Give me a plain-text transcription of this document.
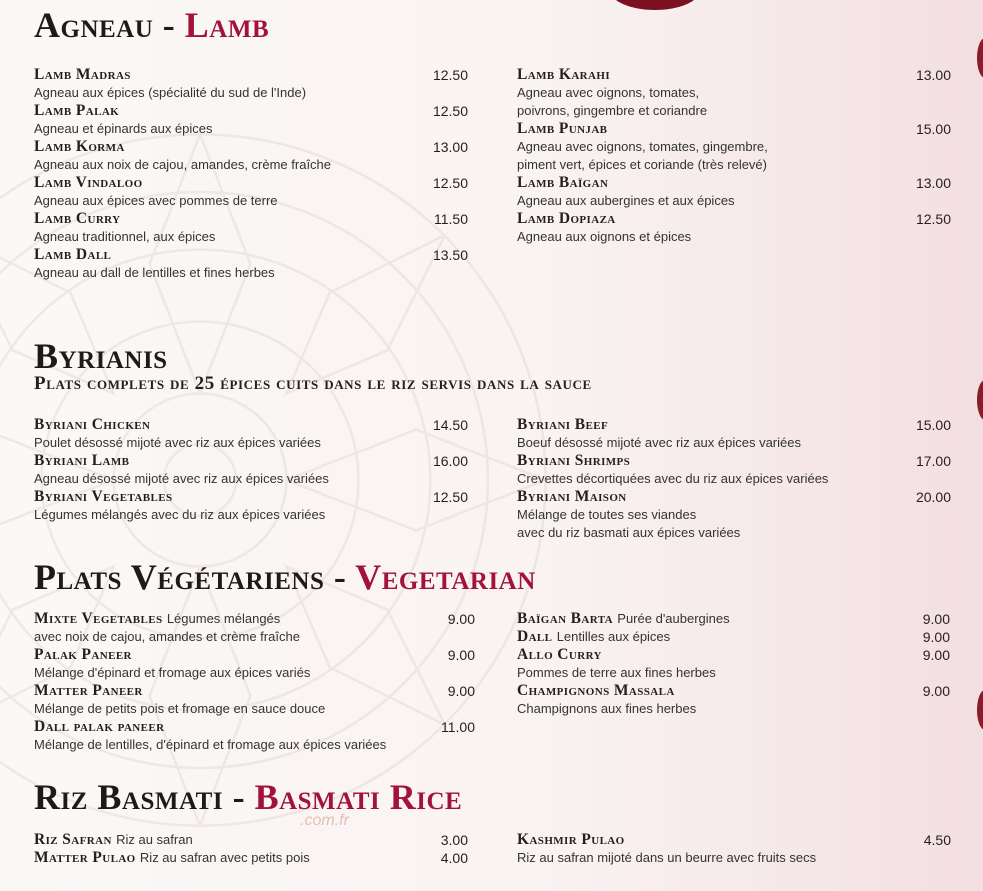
Agneau - Lamb
Lamb Madras	12.50
Agneau aux épices (spécialité du sud de l'Inde)
Lamb Palak	12.50
Agneau et épinards aux épices
Lamb Korma	13.00
Agneau aux noix de cajou, amandes, crème fraîche
Lamb Vindaloo	12.50
Agneau aux épices avec pommes de terre
Lamb Curry	11.50
Agneau traditionnel, aux épices
Lamb Dall	13.50
Agneau au dall de lentilles et fines herbes
Lamb Karahi	13.00
Agneau avec oignons, tomates,
poivrons, gingembre et coriandre
Lamb Punjab	15.00
Agneau avec oignons, tomates, gingembre,
piment vert, épices et coriande (très relevé)
Lamb Baïgan	13.00
Agneau aux aubergines et aux épices
Lamb Dopiaza	12.50
Agneau aux oignons et épices
Byrianis
Plats complets de 25 épices cuits dans le riz servis dans la sauce
Byriani Chicken	14.50
Poulet désossé mijoté avec riz aux épices variées
Byriani Lamb	16.00
Agneau désossé mijoté avec riz aux épices variées
Byriani Vegetables	12.50
Légumes mélangés avec du riz aux épices variées
Byriani Beef	15.00
Boeuf désossé mijoté avec riz aux épices variées
Byriani Shrimps	17.00
Crevettes décortiquées avec du riz aux épices variées
Byriani Maison	20.00
Mélange de toutes ses viandes
avec du riz basmati aux épices variées
Plats Végétariens - Vegetarian
Mixte Vegetables Légumes mélangés	9.00
avec noix de cajou, amandes et crème fraîche
Palak Paneer	9.00
Mélange d'épinard et fromage aux épices variés
Matter Paneer	9.00
Mélange de petits pois et fromage en sauce douce
Dall palak paneer	11.00
Mélange de lentilles, d'épinard et fromage aux épices variées
Baïgan Barta Purée d'aubergines	9.00
Dall Lentilles aux épices	9.00
Allo Curry	9.00
Pommes de terre aux fines herbes
Champignons Massala	9.00
Champignons aux fines herbes
Riz Basmati - Basmati Rice
.com.fr
Riz Safran Riz au safran	3.00
Matter Pulao Riz au safran avec petits pois	4.00
Kashmir Pulao	4.50
Riz au safran mijoté dans un beurre avec fruits secs
